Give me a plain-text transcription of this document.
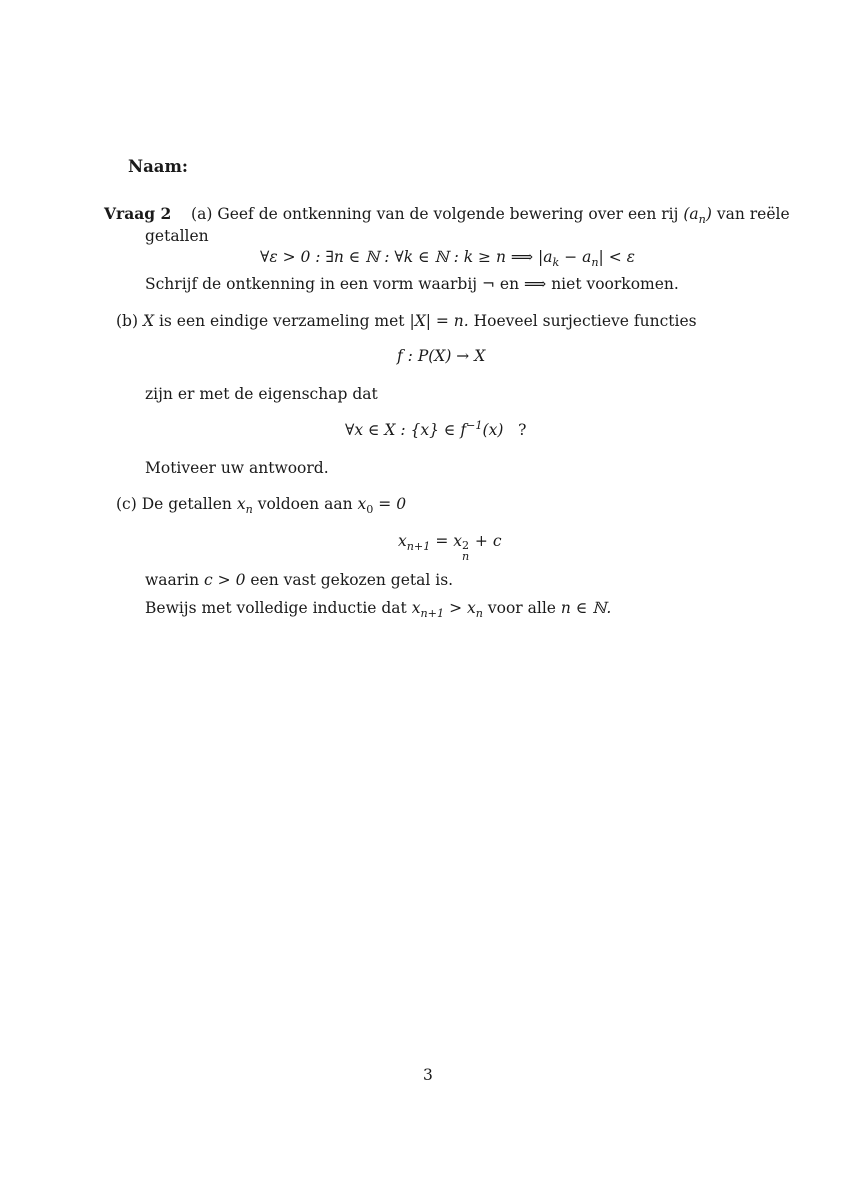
Naam:
Vraag 2 (a) Geef de ontkenning van de volgende bewering over een rij $(a_n)$ van reële
getallen
∀ε > 0 : ∃n ∈ ℕ : ∀k ∈ ℕ : k ≥ n ⟹ $|a_k - a_n| < \varepsilon$
Schrijf de ontkenning in een vorm waarbij ¬ en ⟹ niet voorkomen.
(b) X is een eindige verzameling met |X| = n. Hoeveel surjectieve functies
f : P(X) → X
zijn er met de eigenschap dat
∀x ∈ X : {x} ∈ $f^{-1}(x)$ ?
Motiveer uw antwoord.
(c) De getallen $x_n$ voldoen aan $x_0 = 0$
$x_{n+1} = x$ 2
n
+ c
waarin c > 0 een vast gekozen getal is.
Bewijs met volledige inductie dat $x_{n+1} > x_n$ voor alle n ∈ ℕ.
3
